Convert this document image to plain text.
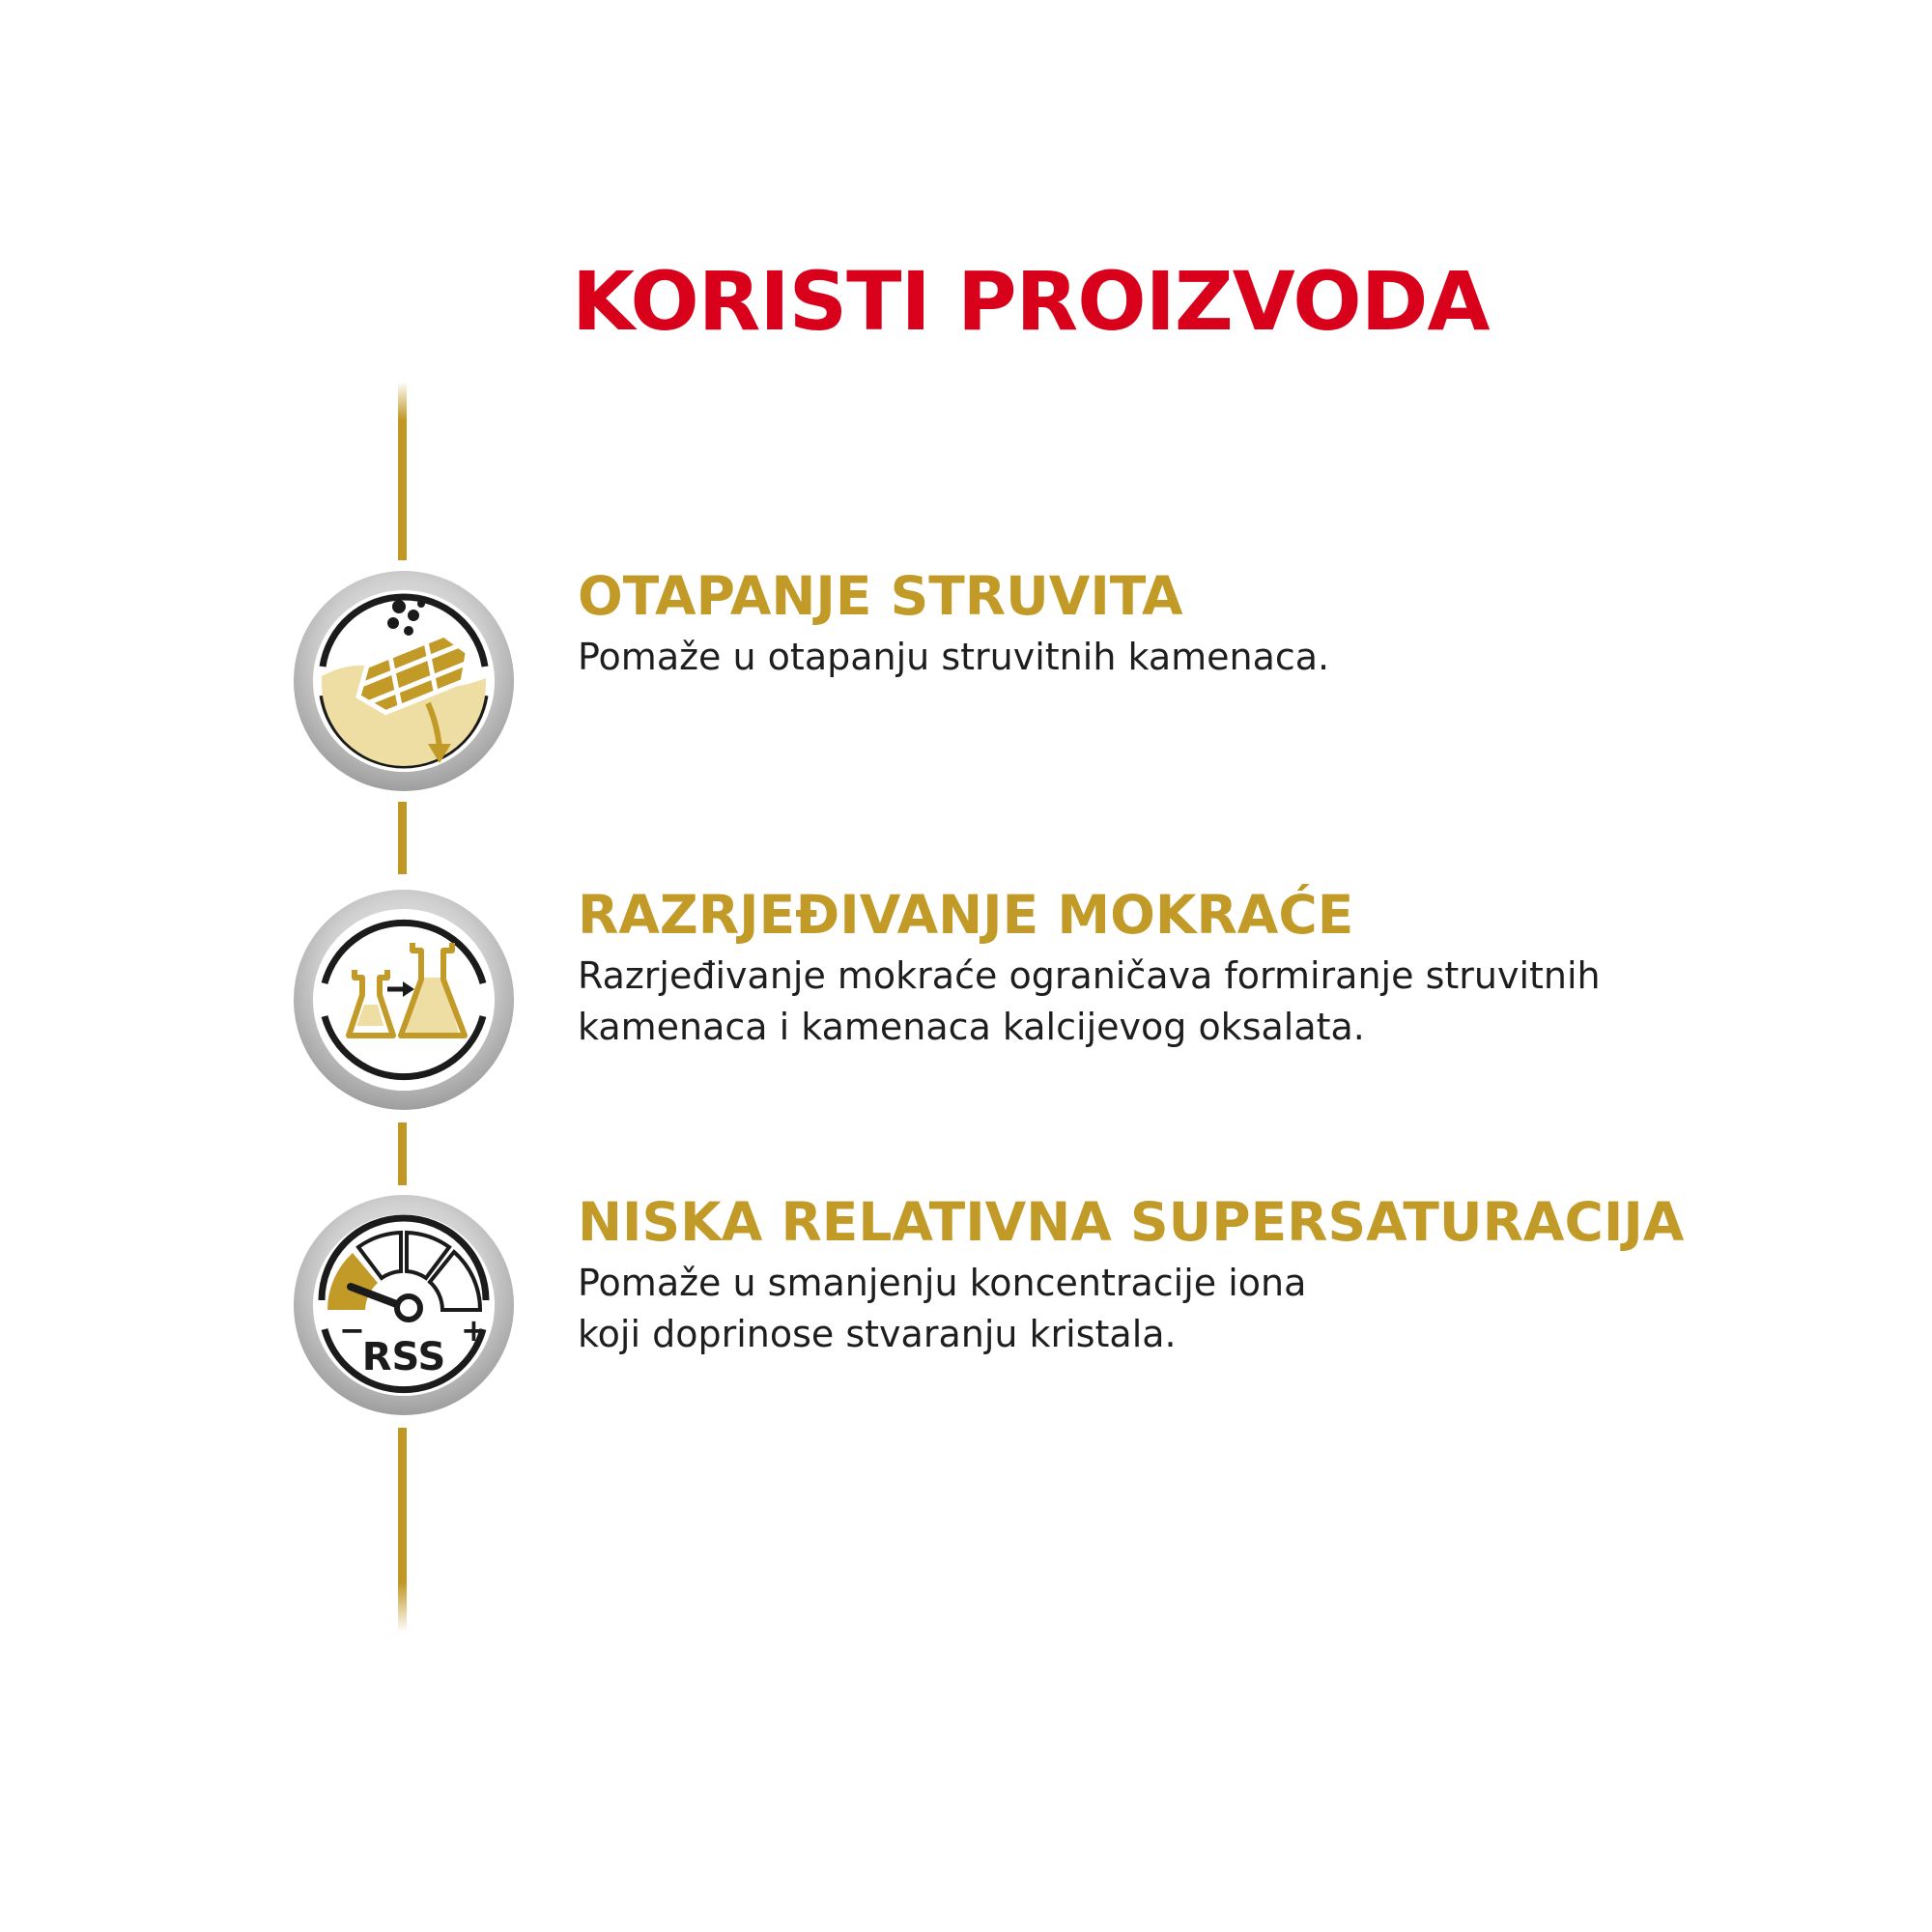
KORISTI PROIZVODA
−	+
RSS
OTAPANJE STRUVITA

Pomaže u otapanju struvitnih kamenaca.

RAZRJEĐIVANJE MOKRAĆE

Razrjeđivanje mokraće ograničava formiranje struvitnih
kamenaca i kamenaca kalcijevog oksalata.

NISKA RELATIVNA SUPERSATURACIJA

Pomaže u smanjenju koncentracije iona
koji doprinose stvaranju kristala.
